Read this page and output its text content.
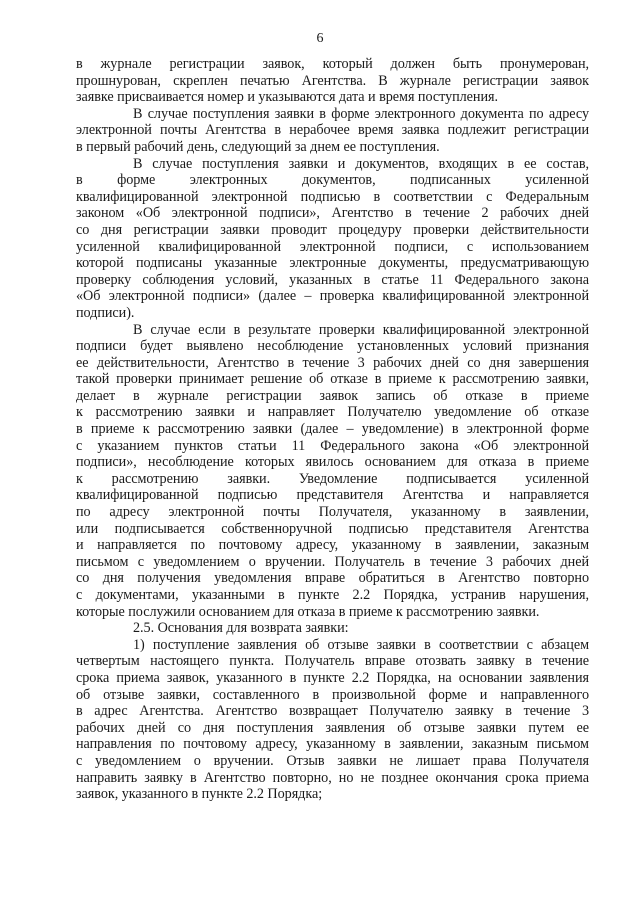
6
в журнале регистрации заявок, который должен быть пронумерован,
прошнурован, скреплен печатью Агентства. В журнале регистрации заявок
заявке присваивается номер и указываются дата и время поступления.
В случае поступления заявки в форме электронного документа по адресу
электронной почты Агентства в нерабочее время заявка подлежит регистрации
в первый рабочий день, следующий за днем ее поступления.
В случае поступления заявки и документов, входящих в ее состав,
в форме электронных документов, подписанных усиленной
квалифицированной электронной подписью в соответствии с Федеральным
законом «Об электронной подписи», Агентство в течение 2 рабочих дней
со дня регистрации заявки проводит процедуру проверки действительности
усиленной квалифицированной электронной подписи, с использованием
которой подписаны указанные электронные документы, предусматривающую
проверку соблюдения условий, указанных в статье 11 Федерального закона
«Об электронной подписи» (далее – проверка квалифицированной электронной
подписи).
В случае если в результате проверки квалифицированной электронной
подписи будет выявлено несоблюдение установленных условий признания
ее действительности, Агентство в течение 3 рабочих дней со дня завершения
такой проверки принимает решение об отказе в приеме к рассмотрению заявки,
делает в журнале регистрации заявок запись об отказе в приеме
к рассмотрению заявки и направляет Получателю уведомление об отказе
в приеме к рассмотрению заявки (далее – уведомление) в электронной форме
с указанием пунктов статьи 11 Федерального закона «Об электронной
подписи», несоблюдение которых явилось основанием для отказа в приеме
к рассмотрению заявки. Уведомление подписывается усиленной
квалифицированной подписью представителя Агентства и направляется
по адресу электронной почты Получателя, указанному в заявлении,
или подписывается собственноручной подписью представителя Агентства
и направляется по почтовому адресу, указанному в заявлении, заказным
письмом с уведомлением о вручении. Получатель в течение 3 рабочих дней
со дня получения уведомления вправе обратиться в Агентство повторно
с документами, указанными в пункте 2.2 Порядка, устранив нарушения,
которые послужили основанием для отказа в приеме к рассмотрению заявки.
2.5. Основания для возврата заявки:
1) поступление заявления об отзыве заявки в соответствии с абзацем
четвертым настоящего пункта. Получатель вправе отозвать заявку в течение
срока приема заявок, указанного в пункте 2.2 Порядка, на основании заявления
об отзыве заявки, составленного в произвольной форме и направленного
в адрес Агентства. Агентство возвращает Получателю заявку в течение 3
рабочих дней со дня поступления заявления об отзыве заявки путем ее
направления по почтовому адресу, указанному в заявлении, заказным письмом
с уведомлением о вручении. Отзыв заявки не лишает права Получателя
направить заявку в Агентство повторно, но не позднее окончания срока приема
заявок, указанного в пункте 2.2 Порядка;
